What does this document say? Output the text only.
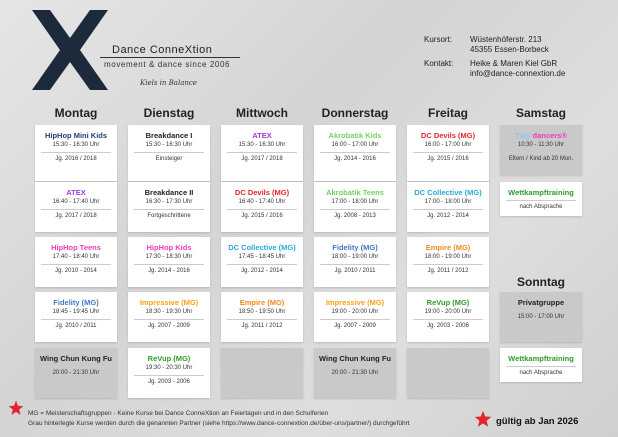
Dance ConneXtion
movement & dance since 2006
Kiels in Balance
Kursort:	Wüstenhöferstr. 213
45355 Essen-Borbeck
Kontakt:	Heike & Maren Kiel GbR
info@dance-connextion.de
Montag	Dienstag	Mittwoch	Donnerstag	Freitag	Samstag
Sonntag
HipHop Mini Kids
15:30 - 16:30 Uhr
Jg. 2016 / 2018
ATEX
16:40 - 17:40 Uhr
Jg. 2017 / 2018
HipHop Teens
17:40 - 18:40 Uhr
Jg. 2010 - 2014
Fidelity (MG)
18:45 - 19:45 Uhr
Jg. 2010 / 2011
Wing Chun Kung Fu
20:00 - 21:30 Uhr
Breakdance I
15:30 - 16:30 Uhr
Einsteiger
Breakdance II
16:30 - 17:30 Uhr
Fortgeschrittene
HipHop Kids
17:30 - 18:30 Uhr
Jg. 2014 - 2016
Impressive (MG)
18:30 - 19:30 Uhr
Jg. 2007 - 2009
ReVup (MG)
19:30 - 20:30 Uhr
Jg. 2003 - 2006
ATEX
15:30 - 16:30 Uhr
Jg. 2017 / 2018
DC Devils (MG)
16:40 - 17:40 Uhr
Jg. 2015 / 2016
DC Collective (MG)
17:45 - 18:45 Uhr
Jg. 2012 - 2014
Empire (MG)
18:50 - 19:50 Uhr
Jg. 2011 / 2012
Akrobatik Kids
16:00 - 17:00 Uhr
Jg. 2014 - 2016
Akrobatik Teens
17:00 - 18:00 Uhr
Jg. 2008 - 2013
Fidelity (MG)
18:00 - 19:00 Uhr
Jg. 2010 / 2011
Impressive (MG)
19:00 - 20:00 Uhr
Jg. 2007 - 2009
Wing Chun Kung Fu
20:00 - 21:30 Uhr
DC Devils (MG)
16:00 - 17:00 Uhr
Jg. 2015 / 2016
DC Collective (MG)
17:00 - 18:00 Uhr
Jg. 2012 - 2014
Empire (MG)
18:00 - 19:00 Uhr
Jg. 2011 / 2012
ReVup (MG)
19:00 - 20:00 Uhr
Jg. 2003 - 2006
Tiny dancers®
10:30 - 11:30 Uhr
Eltern / Kind ab 20 Mon.
Wettkampftraining
nach Absprache
Privatgruppe
15:00 - 17:00 Uhr
Wettkampftraining
nach Absprache
MG = Meisterschaftsgruppen - Keine Kurse bei Dance ConneXtion an Feiertagen und in den Schulferien
Grau hinterlegte Kurse werden durch die genannten Partner (siehe https://www.dance-connextion.de/über-uns/partner/) durchgeführt	gültig ab Jan 2026
